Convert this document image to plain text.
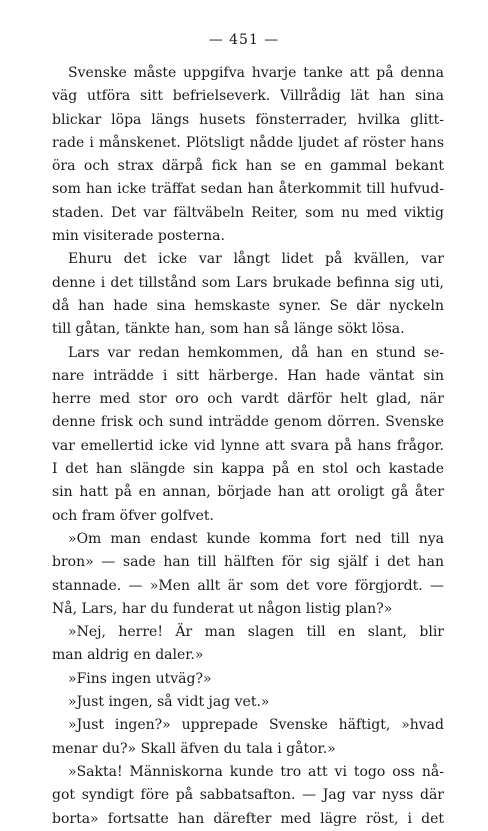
— 451 —
Svenske måste uppgifva hvarje tanke att på denna
väg utföra sitt befrielseverk. Villrådig lät han sina
blickar löpa längs husets fönsterrader, hvilka glitt-
rade i månskenet. Plötsligt nådde ljudet af röster hans
öra och strax därpå fick han se en gammal bekant
som han icke träffat sedan han återkommit till hufvud-
staden. Det var fältväbeln Reiter, som nu med viktig
min visiterade posterna.
Ehuru det icke var långt lidet på kvällen, var
denne i det tillstånd som Lars brukade befinna sig uti,
då han hade sina hemskaste syner. Se där nyckeln
till gåtan, tänkte han, som han så länge sökt lösa.
Lars var redan hemkommen, då han en stund se-
nare inträdde i sitt härberge. Han hade väntat sin
herre med stor oro och vardt därför helt glad, när
denne frisk och sund inträdde genom dörren. Svenske
var emellertid icke vid lynne att svara på hans frågor.
I det han slängde sin kappa på en stol och kastade
sin hatt på en annan, började han att oroligt gå åter
och fram öfver golfvet.
»Om man endast kunde komma fort ned till nya
bron» — sade han till hälften för sig själf i det han
stannade. — »Men allt är som det vore förgjordt. —
Nå, Lars, har du funderat ut någon listig plan?»
»Nej, herre! Är man slagen till en slant, blir
man aldrig en daler.»
»Fins ingen utväg?»
»Just ingen, så vidt jag vet.»
»Just ingen?» upprepade Svenske häftigt, »hvad
menar du?» Skall äfven du tala i gåtor.»
»Sakta! Människorna kunde tro att vi togo oss nå-
got syndigt före på sabbatsafton. — Jag var nyss där
borta» fortsatte han därefter med lägre röst, i det
